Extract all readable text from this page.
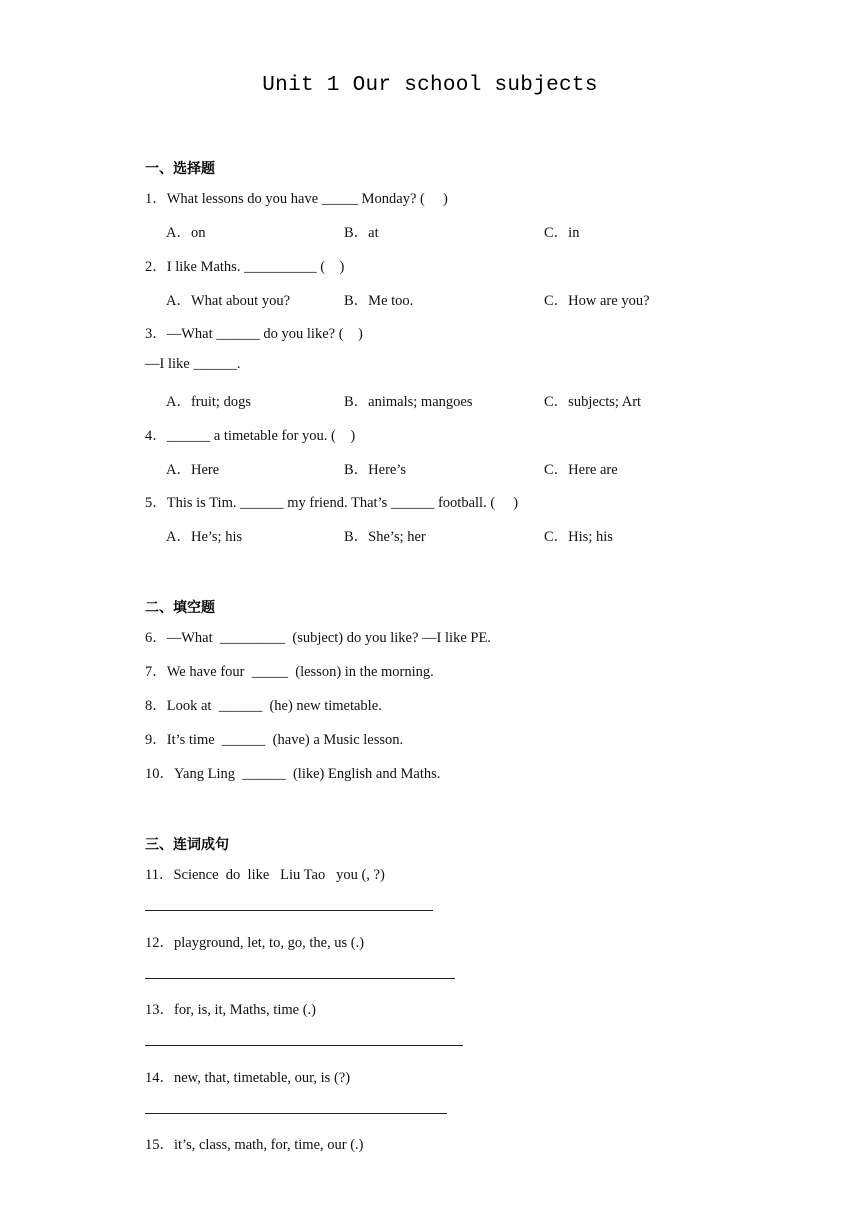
Unit 1 Our school subjects
一、选择题
1．What lessons do you have _____ Monday? (     )
A．on	B．at	C．in
2．I like Maths. __________ (    )
A．What about you?	B．Me too.	C．How are you?
3．—What ______ do you like? (    )
—I like ______.
A．fruit; dogs	B．animals; mangoes	C．subjects; Art
4．______ a timetable for you. (    )
A．Here	B．Here’s	C．Here are
5．This is Tim. ______ my friend. That’s ______ football. (     )
A．He’s; his	B．She’s; her	C．His; his
二、填空题
6．—What  _________  (subject) do you like? —I like PE.
7．We have four  _____  (lesson) in the morning.
8．Look at  ______  (he) new timetable.
9．It’s time  ______  (have) a Music lesson.
10．Yang Ling  ______  (like) English and Maths.
三、连词成句
11．Science  do  like   Liu Tao   you (, ?)
12．playground, let, to, go, the, us (.)
13．for, is, it, Maths, time (.)
14．new, that, timetable, our, is (?)
15．it’s, class, math, for, time, our (.)
